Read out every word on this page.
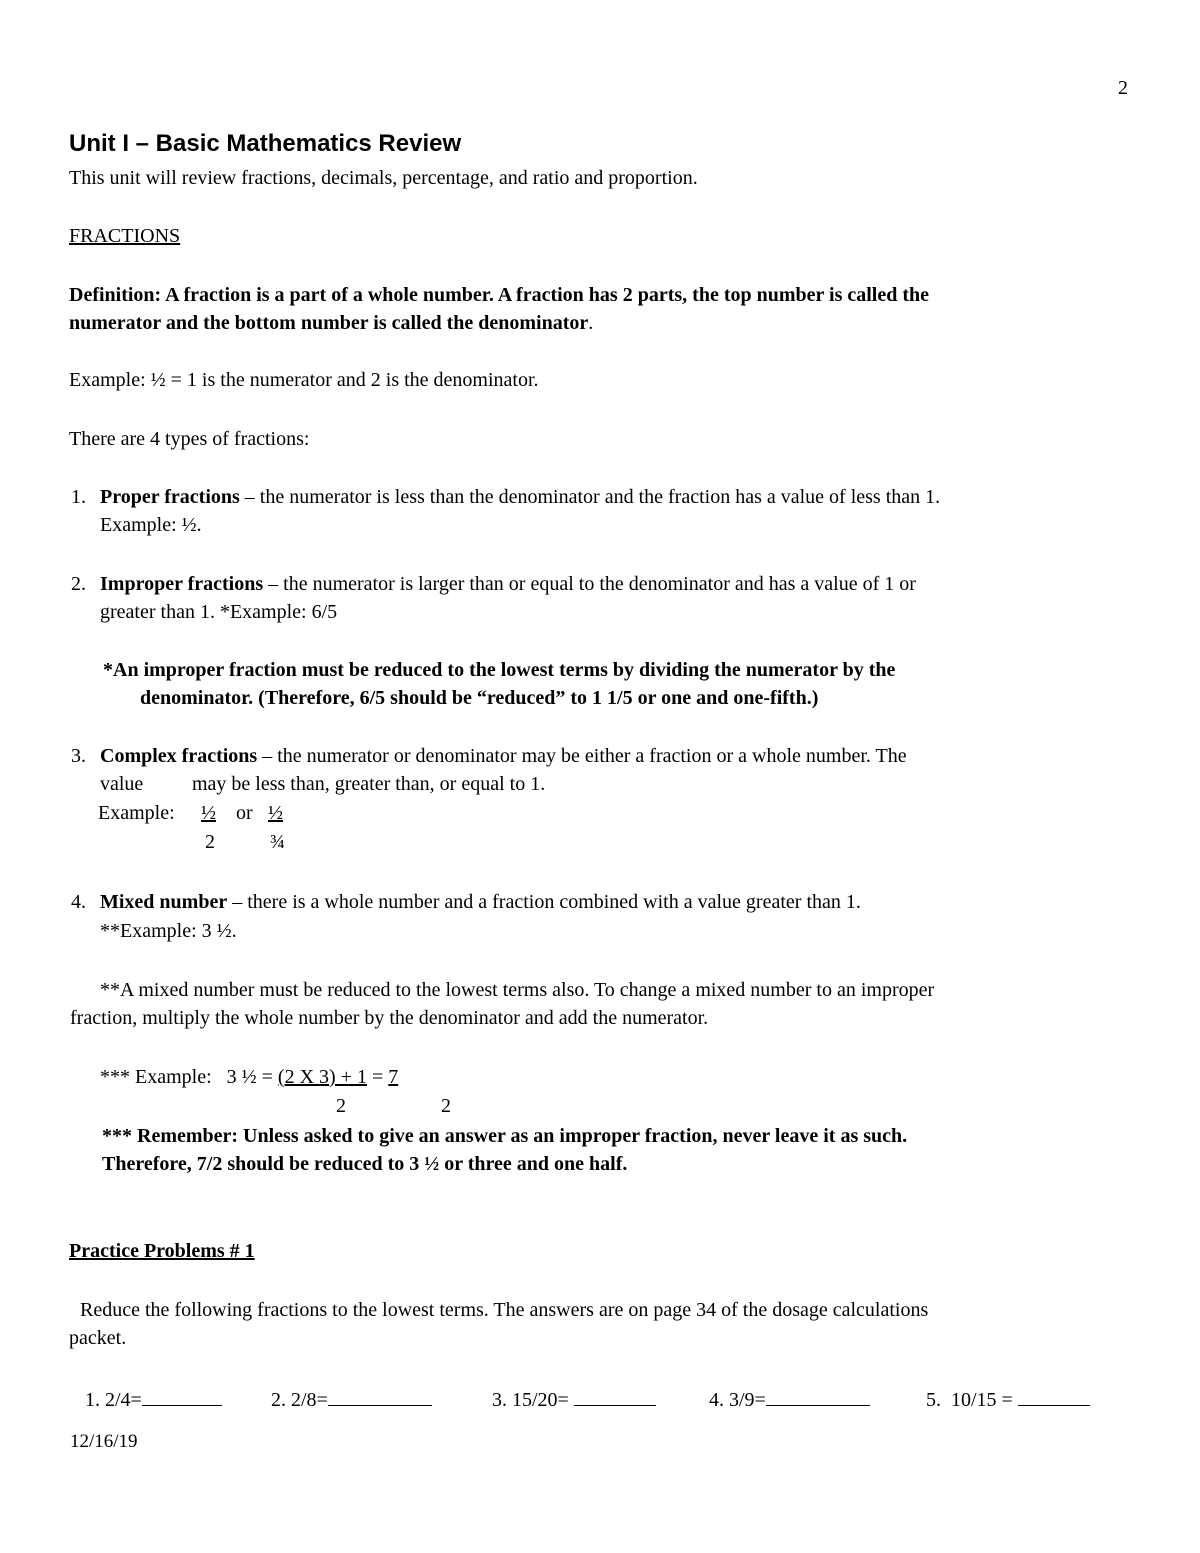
2
Unit I – Basic Mathematics Review
This unit will review fractions, decimals, percentage, and ratio and proportion.
FRACTIONS
Definition: A fraction is a part of a whole number. A fraction has 2 parts, the top number is called the
numerator and the bottom number is called the denominator.
Example: ½ = 1 is the numerator and 2 is the denominator.
There are 4 types of fractions:
1. Proper fractions – the numerator is less than the denominator and the fraction has a value of less than 1.
Example: ½.
2. Improper fractions – the numerator is larger than or equal to the denominator and has a value of 1 or
greater than 1. *Example: 6/5
*An improper fraction must be reduced to the lowest terms by dividing the numerator by the
denominator. (Therefore, 6/5 should be “reduced” to 1 1/5 or one and one-fifth.)
3. Complex fractions – the numerator or denominator may be either a fraction or a whole number. The
value may be less than, greater than, or equal to 1.
Example: ½ or ½
2	¾
4. Mixed number – there is a whole number and a fraction combined with a value greater than 1.
**Example: 3 ½.
**A mixed number must be reduced to the lowest terms also. To change a mixed number to an improper
fraction, multiply the whole number by the denominator and add the numerator.
*** Example:   3 ½ = (2 X 3) + 1 = 7
2	2
*** Remember: Unless asked to give an answer as an improper fraction, never leave it as such.
Therefore, 7/2 should be reduced to 3 ½ or three and one half.
Practice Problems # 1
Reduce the following fractions to the lowest terms. The answers are on page 34 of the dosage calculations
packet.
1. 2/4=	2. 2/8=	3. 15/20=	4. 3/9=	5.  10/15 =
12/16/19
